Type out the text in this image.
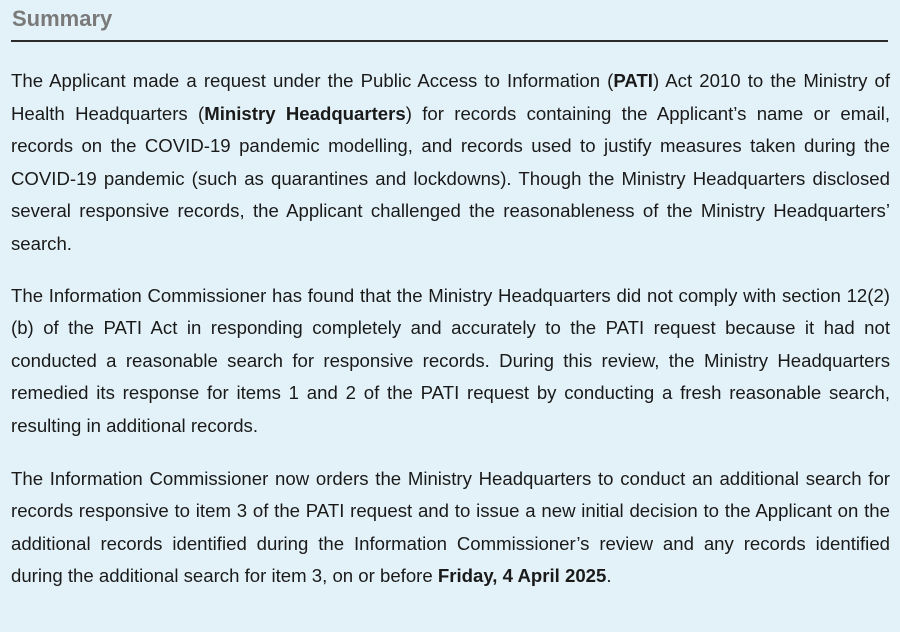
Summary

The Applicant made a request under the Public Access to Information (PATI) Act 2010 to the Ministry of Health Headquarters (Ministry Headquarters) for records containing the Applicant’s name or email, records on the COVID-19 pandemic modelling, and records used to justify measures taken during the COVID-19 pandemic (such as quarantines and lockdowns). Though the Ministry Headquarters disclosed several responsive records, the Applicant challenged the reasonableness of the Ministry Headquarters’ search.

The Information Commissioner has found that the Ministry Headquarters did not comply with section 12(2)(b) of the PATI Act in responding completely and accurately to the PATI request because it had not conducted a reasonable search for responsive records. During this review, the Ministry Headquarters remedied its response for items 1 and 2 of the PATI request by conducting a fresh reasonable search, resulting in additional records.

The Information Commissioner now orders the Ministry Headquarters to conduct an additional search for records responsive to item 3 of the PATI request and to issue a new initial decision to the Applicant on the additional records identified during the Information Commissioner’s review and any records identified during the additional search for item 3, on or before Friday, 4 April 2025.
